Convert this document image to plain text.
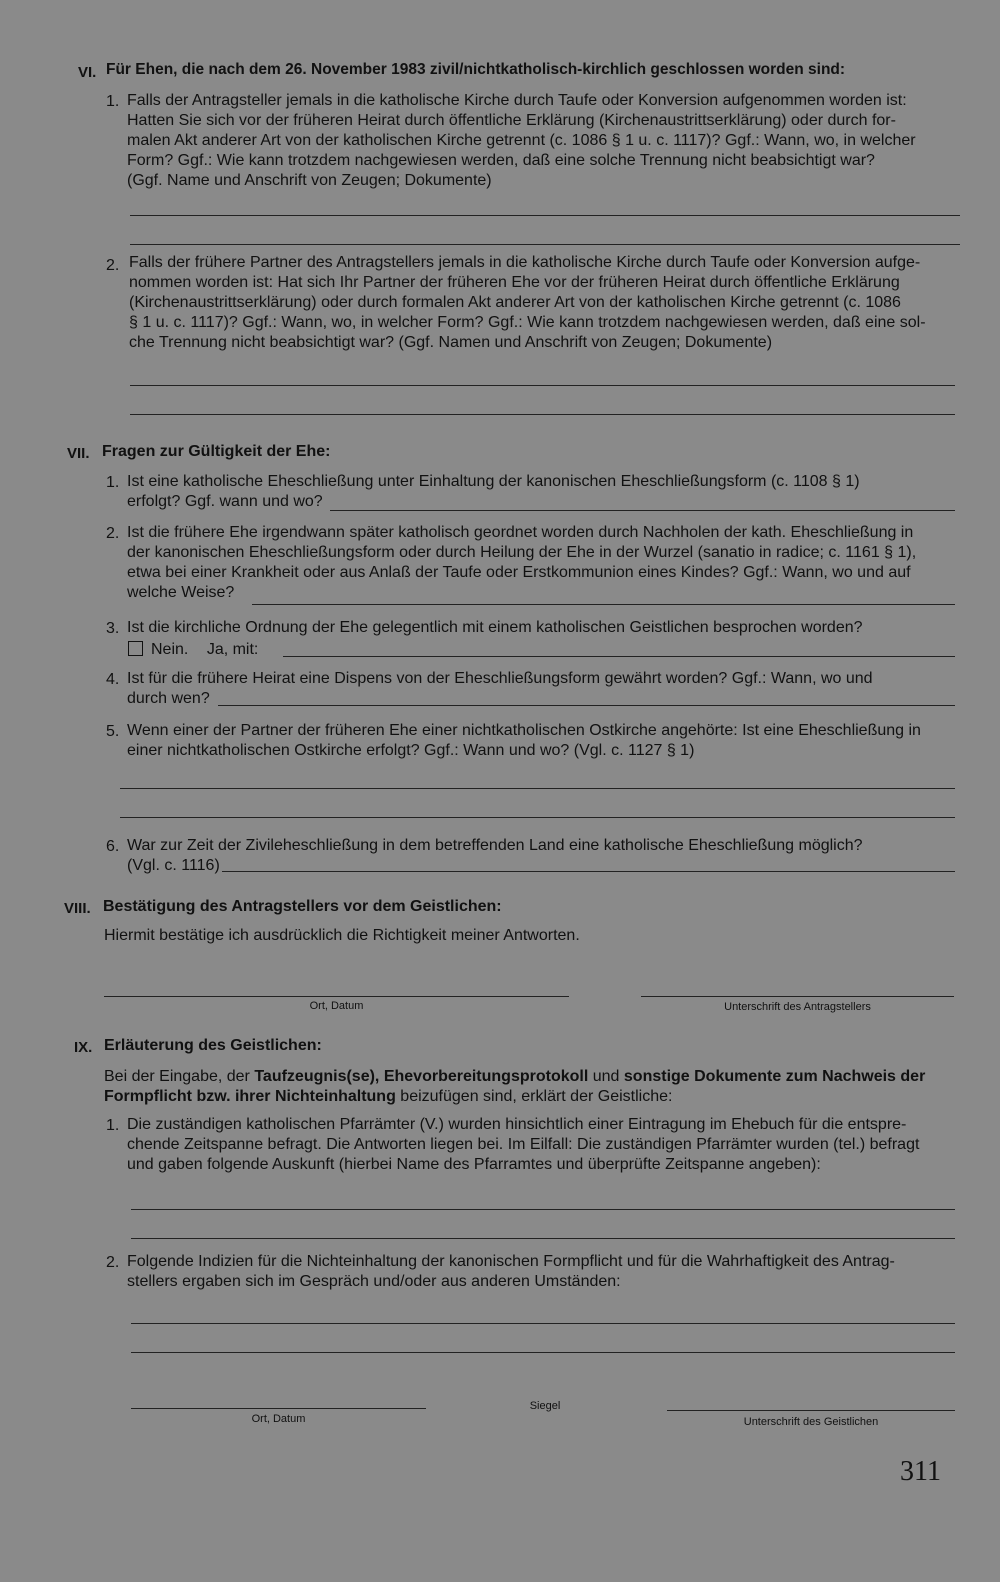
VI. Für Ehen, die nach dem 26. November 1983 zivil/nichtkatholisch-kirchlich geschlossen worden sind:
1. Falls der Antragsteller jemals in die katholische Kirche durch Taufe oder Konversion aufgenommen worden ist:

Hatten Sie sich vor der früheren Heirat durch öffentliche Erklärung (Kirchenaustrittserklärung) oder durch for-

malen Akt anderer Art von der katholischen Kirche getrennt (c. 1086 § 1 u. c. 1117)? Ggf.: Wann, wo, in welcher

Form? Ggf.: Wie kann trotzdem nachgewiesen werden, daß eine solche Trennung nicht beabsichtigt war?

(Ggf. Name und Anschrift von Zeugen; Dokumente)

2. Falls der frühere Partner des Antragstellers jemals in die katholische Kirche durch Taufe oder Konversion aufge-

nommen worden ist: Hat sich Ihr Partner der früheren Ehe vor der früheren Heirat durch öffentliche Erklärung

(Kirchenaustrittserklärung) oder durch formalen Akt anderer Art von der katholischen Kirche getrennt (c. 1086

§ 1 u. c. 1117)? Ggf.: Wann, wo, in welcher Form? Ggf.: Wie kann trotzdem nachgewiesen werden, daß eine sol-

che Trennung nicht beabsichtigt war? (Ggf. Namen und Anschrift von Zeugen; Dokumente)

VII. Fragen zur Gültigkeit der Ehe:
1. Ist eine katholische Eheschließung unter Einhaltung der kanonischen Eheschließungsform (c. 1108 § 1)

erfolgt? Ggf. wann und wo?

2. Ist die frühere Ehe irgendwann später katholisch geordnet worden durch Nachholen der kath. Eheschließung in

der kanonischen Eheschließungsform oder durch Heilung der Ehe in der Wurzel (sanatio in radice; c. 1161 § 1),

etwa bei einer Krankheit oder aus Anlaß der Taufe oder Erstkommunion eines Kindes? Ggf.: Wann, wo und auf

welche Weise?

3. Ist die kirchliche Ordnung der Ehe gelegentlich mit einem katholischen Geistlichen besprochen worden?
Nein. Ja, mit:
4. Ist für die frühere Heirat eine Dispens von der Eheschließungsform gewährt worden? Ggf.: Wann, wo und

durch wen?

5. Wenn einer der Partner der früheren Ehe einer nichtkatholischen Ostkirche angehörte: Ist eine Eheschließung in

einer nichtkatholischen Ostkirche erfolgt? Ggf.: Wann und wo? (Vgl. c. 1127 § 1)

6. War zur Zeit der Zivileheschließung in dem betreffenden Land eine katholische Eheschließung möglich?

(Vgl. c. 1116)

VIII. Bestätigung des Antragstellers vor dem Geistlichen:
Hiermit bestätige ich ausdrücklich die Richtigkeit meiner Antworten.
Ort, Datum	Unterschrift des Antragstellers
IX. Erläuterung des Geistlichen:

Bei der Eingabe, der Taufzeugnis(se), Ehevorbereitungsprotokoll und sonstige Dokumente zum Nachweis der

Formpflicht bzw. ihrer Nichteinhaltung beizufügen sind, erklärt der Geistliche:

1. Die zuständigen katholischen Pfarrämter (V.) wurden hinsichtlich einer Eintragung im Ehebuch für die entspre-

chende Zeitspanne befragt. Die Antworten liegen bei. Im Eilfall: Die zuständigen Pfarrämter wurden (tel.) befragt

und gaben folgende Auskunft (hierbei Name des Pfarramtes und überprüfte Zeitspanne angeben):

2. Folgende Indizien für die Nichteinhaltung der kanonischen Formpflicht und für die Wahrhaftigkeit des Antrag-

stellers ergaben sich im Gespräch und/oder aus anderen Umständen:

Ort, Datum
Siegel
Unterschrift des Geistlichen
311
